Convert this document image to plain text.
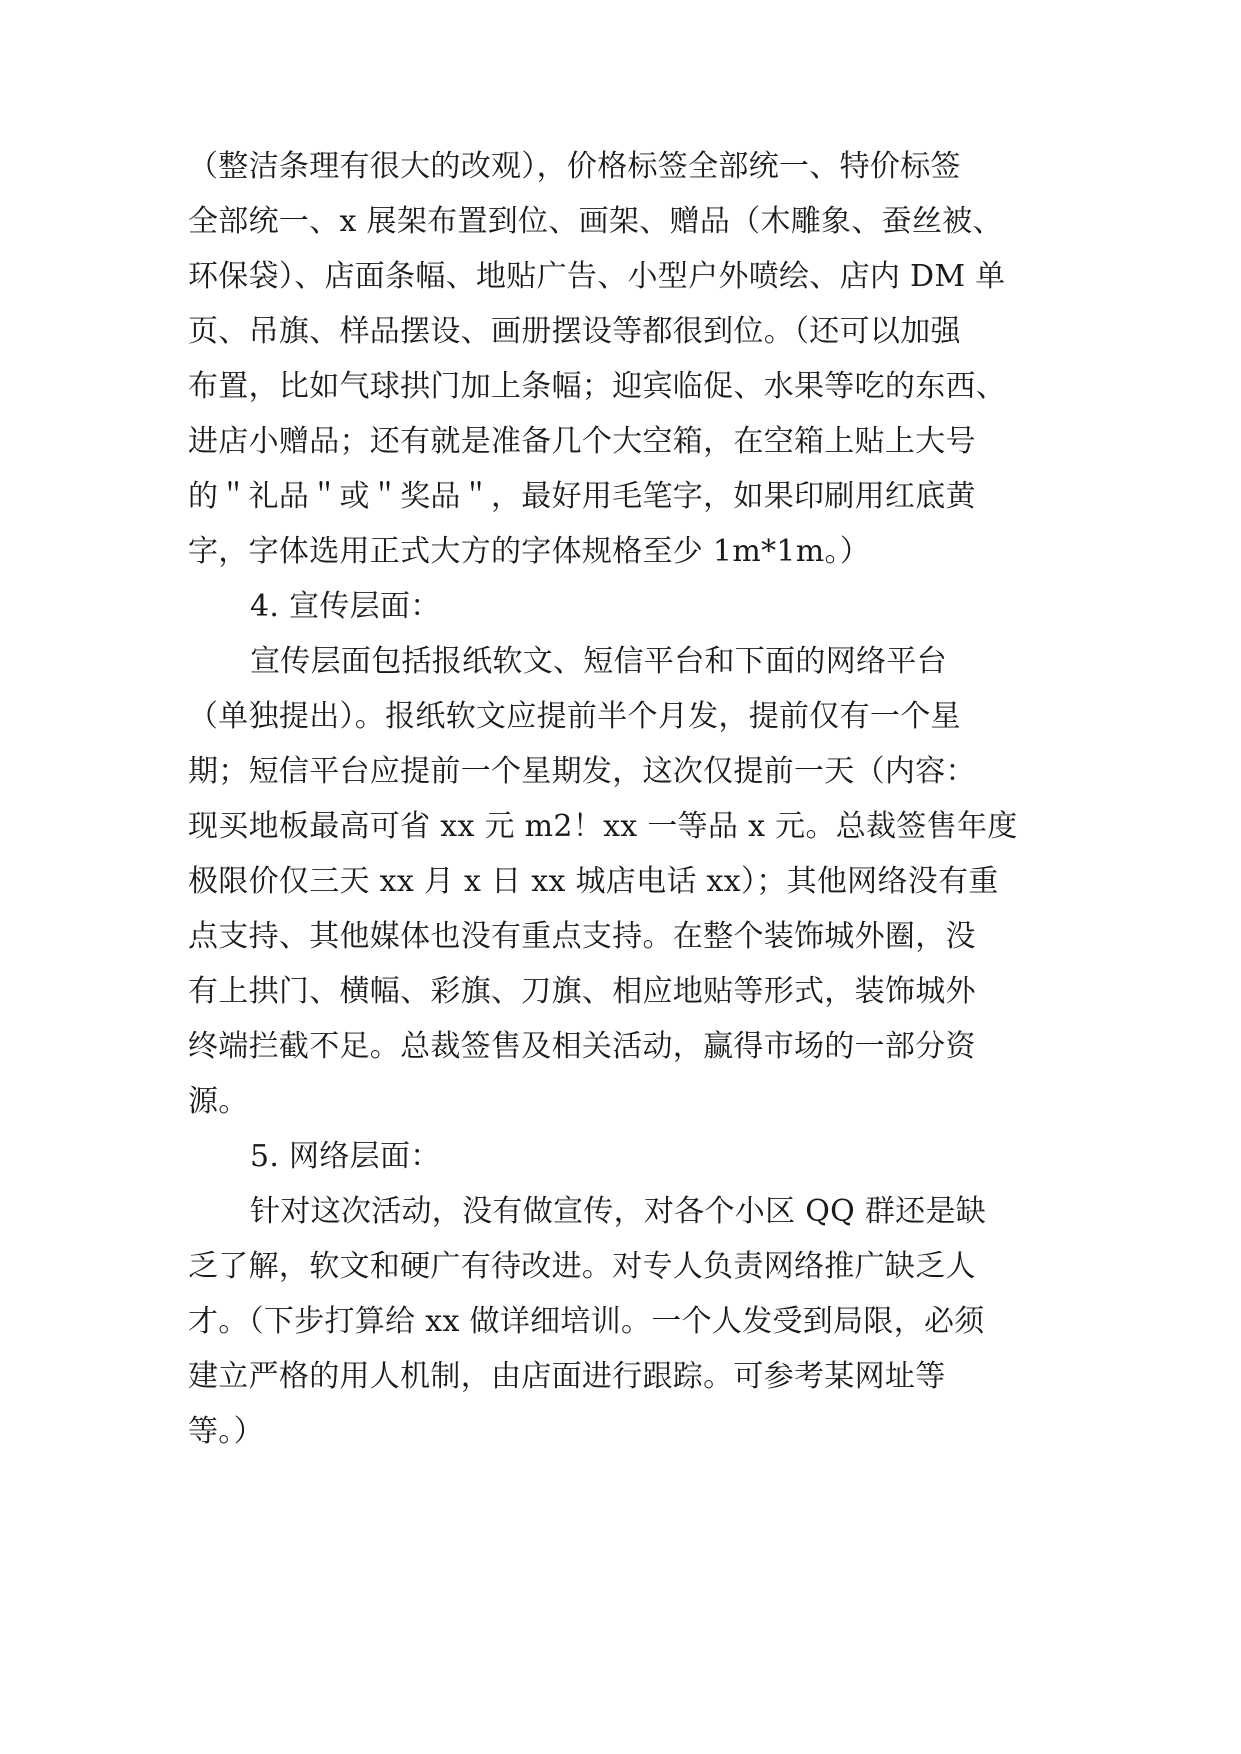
（整洁条理有很大的改观），价格标签全部统一、特价标签
全部统一、x 展架布置到位、画架、赠品（木雕象、蚕丝被、
环保袋）、店面条幅、地贴广告、小型户外喷绘、店内 DM 单
页、吊旗、样品摆设、画册摆设等都很到位。（还可以加强
布置，比如气球拱门加上条幅；迎宾临促、水果等吃的东西、
进店小赠品；还有就是准备几个大空箱，在空箱上贴上大号
的＂礼品＂或＂奖品＂，最好用毛笔字，如果印刷用红底黄
字，字体选用正式大方的字体规格至少 1m*1m。）
4. 宣传层面：
宣传层面包括报纸软文、短信平台和下面的网络平台
（单独提出）。报纸软文应提前半个月发，提前仅有一个星
期；短信平台应提前一个星期发，这次仅提前一天（内容：
现买地板最高可省 xx 元 m2！xx 一等品 x 元。总裁签售年度
极限价仅三天 xx 月 x 日 xx 城店电话 xx）；其他网络没有重
点支持、其他媒体也没有重点支持。在整个装饰城外圈，没
有上拱门、横幅、彩旗、刀旗、相应地贴等形式，装饰城外
终端拦截不足。总裁签售及相关活动，赢得市场的一部分资
源。
5. 网络层面：
针对这次活动，没有做宣传，对各个小区 QQ 群还是缺
乏了解，软文和硬广有待改进。对专人负责网络推广缺乏人
才。（下步打算给 xx 做详细培训。一个人发受到局限，必须
建立严格的用人机制，由店面进行跟踪。可参考某网址等
等。）
